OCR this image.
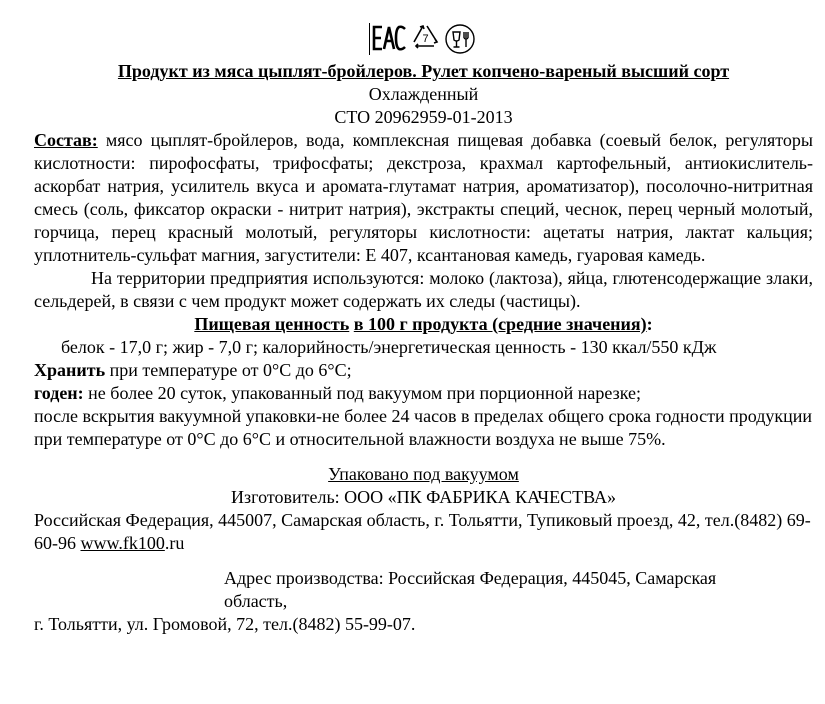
7

Продукт из мяса цыплят-бройлеров. Рулет копчено-вареный высший сорт

Охлажденный

СТО 20962959-01-2013

Состав: мясо цыплят-бройлеров, вода, комплексная пищевая добавка (соевый белок, регуляторы кислотности: пирофосфаты, трифосфаты; декстроза, крахмал картофельный, антиокислитель-аскорбат натрия, усилитель вкуса и аромата-глутамат натрия, ароматизатор), посолочно-нитритная смесь (соль, фиксатор окраски - нитрит натрия), экстракты специй, чеснок, перец черный молотый, горчица, перец красный молотый, регуляторы кислотности: ацетаты натрия, лактат кальция; уплотнитель-сульфат магния, загустители: Е 407, ксантановая камедь, гуаровая камедь.

На территории предприятия используются: молоко (лактоза), яйца, глютенсодержащие злаки, сельдерей, в связи с чем продукт может содержать их следы (частицы).

Пищевая ценность в 100 г продукта (средние значения):

белок - 17,0 г; жир - 7,0 г; калорийность/энергетическая ценность - 130 ккал/550 кДж

Хранить при температуре от 0°С до 6°С;

годен: не более 20 суток, упакованный под вакуумом при порционной нарезке;

после вскрытия вакуумной упаковки-не более 24 часов в пределах общего срока годности продукции при температуре от 0°С до 6°С и относительной влажности воздуха не выше 75%.

Упаковано под вакуумом

Изготовитель: ООО «ПК ФАБРИКА КАЧЕСТВА»

Российская Федерация, 445007, Самарская область, г. Тольятти, Тупиковый проезд, 42, тел.(8482) 69-60-96 www.fk100.ru

Адрес производства: Российская Федерация, 445045, Самарская область,

г. Тольятти, ул. Громовой, 72, тел.(8482) 55-99-07.
